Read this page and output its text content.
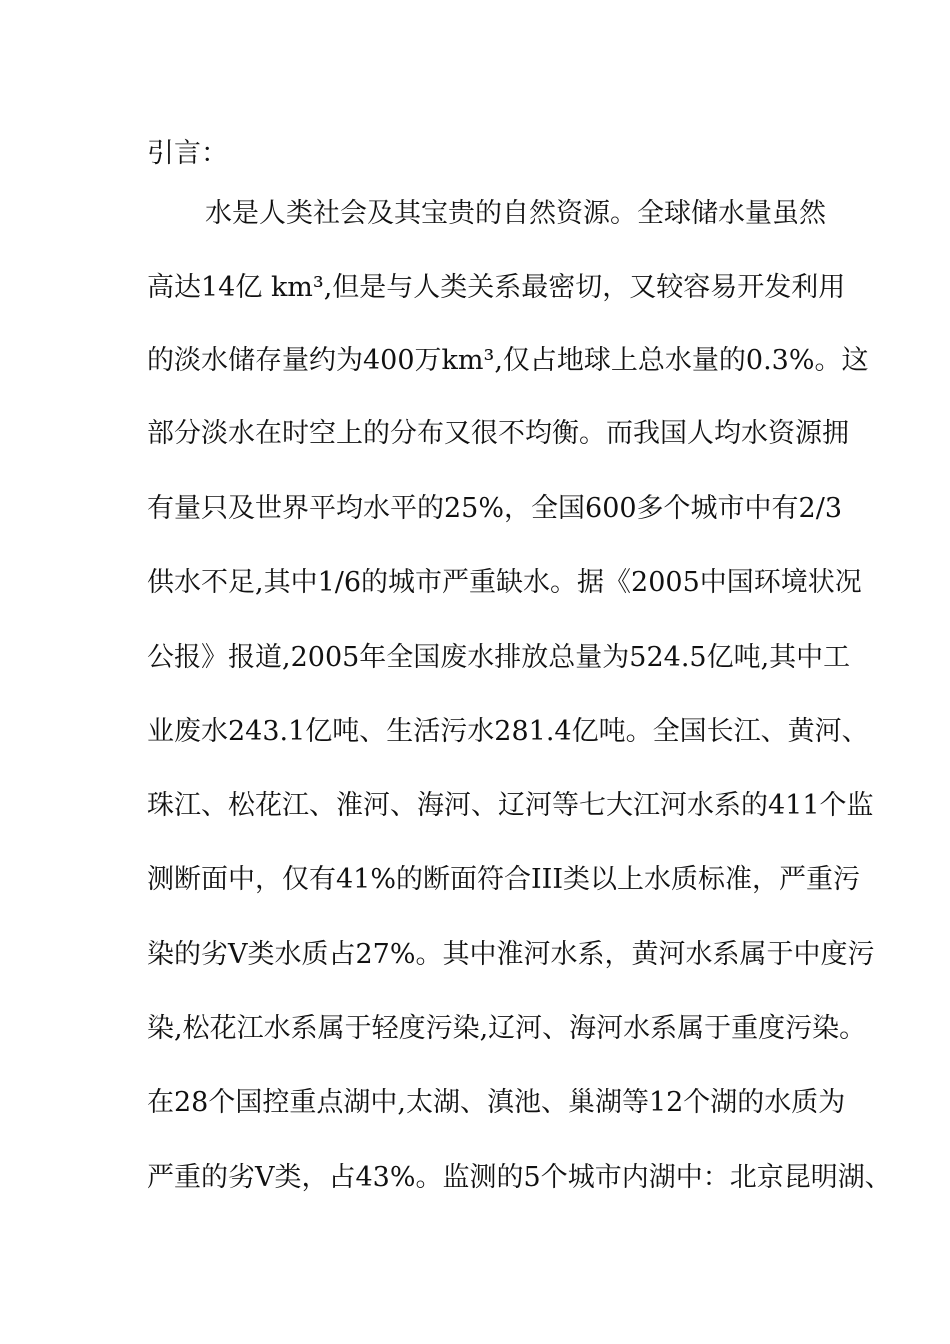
引言：
水是人类社会及其宝贵的自然资源。全球储水量虽然
高达14亿 km³,但是与人类关系最密切，又较容易开发利用
的淡水储存量约为400万km³,仅占地球上总水量的0.3%。这
部分淡水在时空上的分布又很不均衡。而我国人均水资源拥
有量只及世界平均水平的25%，全国600多个城市中有2/3
供水不足,其中1/6的城市严重缺水。据《2005中国环境状况
公报》报道,2005年全国废水排放总量为524.5亿吨,其中工
业废水243.1亿吨、生活污水281.4亿吨。全国长江、黄河、
珠江、松花江、淮河、海河、辽河等七大江河水系的411个监
测断面中，仅有41%的断面符合III类以上水质标准，严重污
染的劣V类水质占27%。其中淮河水系，黄河水系属于中度污
染,松花江水系属于轻度污染,辽河、海河水系属于重度污染。
在28个国控重点湖中,太湖、滇池、巢湖等12个湖的水质为
严重的劣V类，占43%。监测的5个城市内湖中：北京昆明湖、
